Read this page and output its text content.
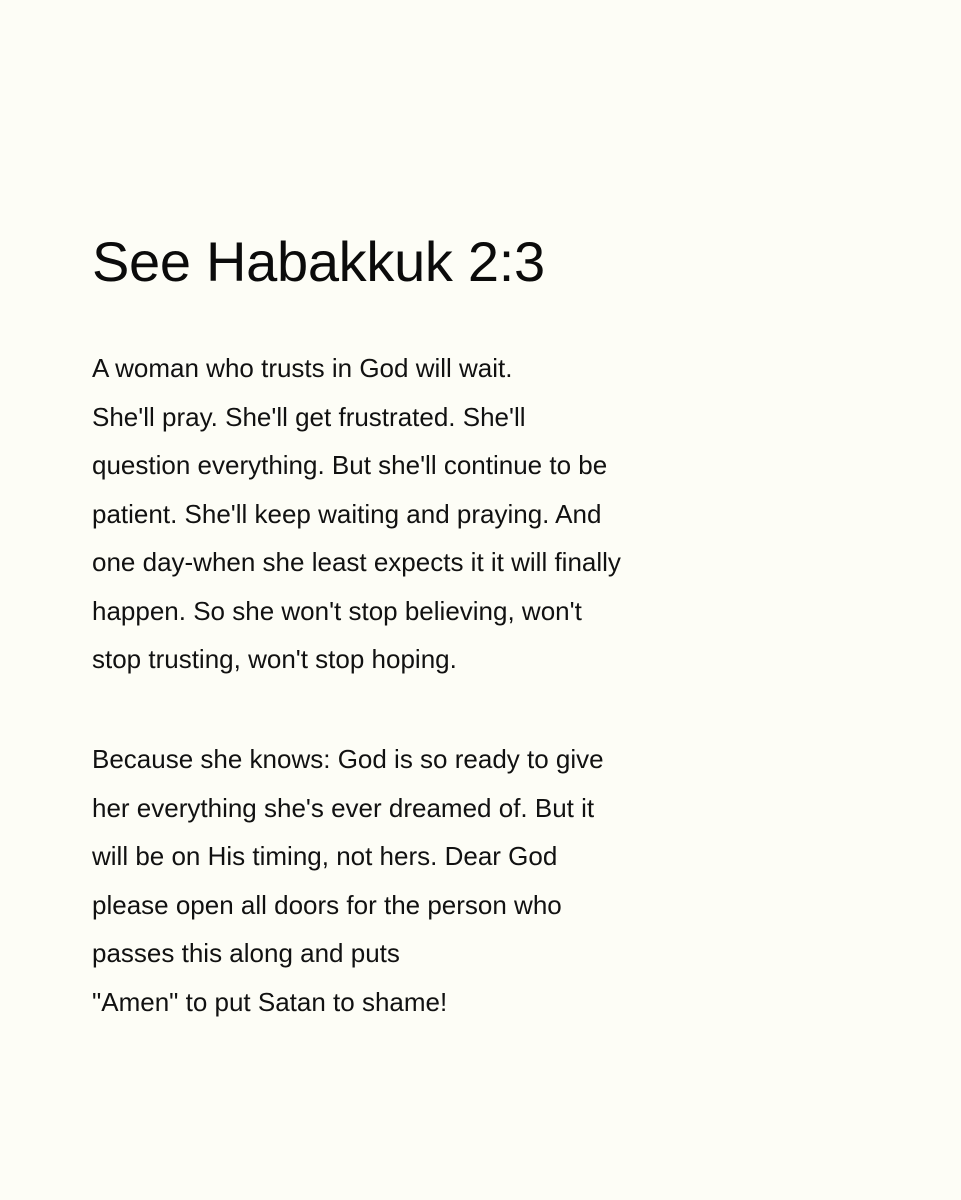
See Habakkuk 2:3

A woman who trusts in God will wait.
She'll pray. She'll get frustrated. She'll
question everything. But she'll continue to be
patient. She'll keep waiting and praying. And
one day-when she least expects it it will finally
happen. So she won't stop believing, won't
stop trusting, won't stop hoping.

Because she knows: God is so ready to give
her everything she's ever dreamed of. But it
will be on His timing, not hers. Dear God
please open all doors for the person who
passes this along and puts
"Amen" to put Satan to shame!
